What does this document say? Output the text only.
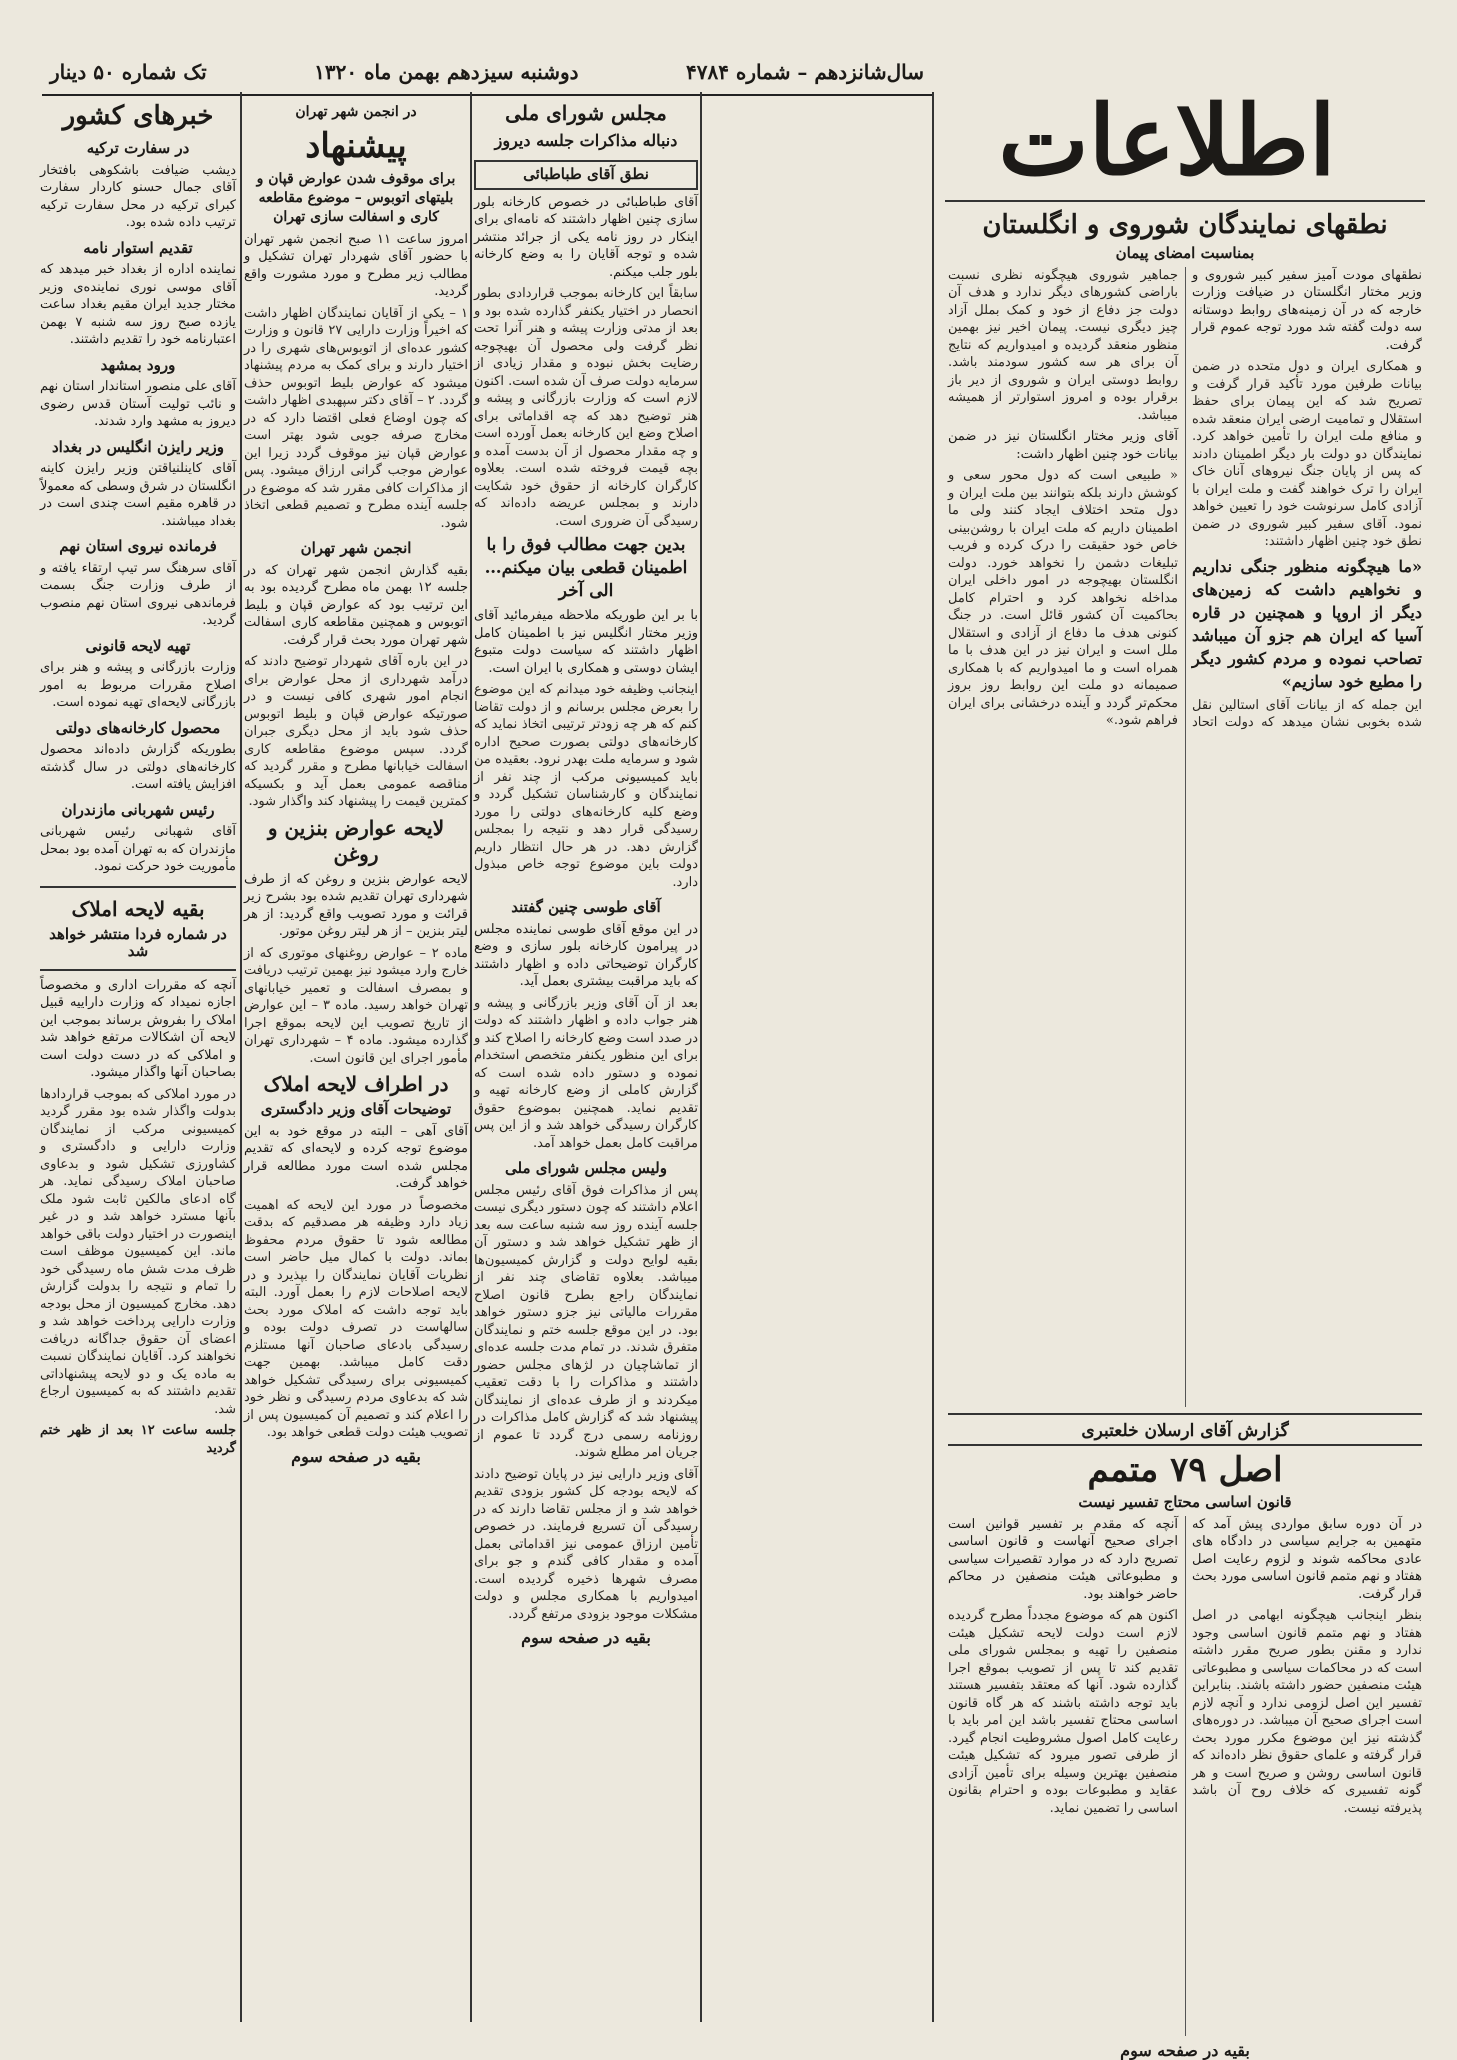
سال‌شانزدهم – شماره ۴۷۸۴
دوشنبه سیزدهم بهمن ماه ۱۳۲۰
تک شماره ۵۰ دینار
اطلاعات
نطقهای نمایندگان شوروی و انگلستان
بمناسبت امضای پیمان

نطقهای مودت آمیز سفیر کبیر شوروی و وزیر مختار انگلستان در ضیافت وزارت خارجه که در آن زمینه‌های روابط دوستانه سه دولت گفته شد مورد توجه عموم قرار گرفت.

و همکاری ایران و دول متحده در ضمن بیانات طرفین مورد تأکید قرار گرفت و تصریح شد که این پیمان برای حفظ استقلال و تمامیت ارضی ایران منعقد شده و منافع ملت ایران را تأمین خواهد کرد. نمایندگان دو دولت بار دیگر اطمینان دادند که پس از پایان جنگ نیروهای آنان خاک ایران را ترک خواهند گفت و ملت ایران با آزادی کامل سرنوشت خود را تعیین خواهد نمود. آقای سفیر کبیر شوروی در ضمن نطق خود چنین اظهار داشتند:

«ما هیچگونه منظور جنگی نداریم و نخواهیم داشت که زمین‌های دیگر از اروپا و همچنین در قاره آسیا که ایران هم جزو آن میباشد تصاحب نموده و مردم کشور دیگر را مطیع خود سازیم»

این جمله که از بیانات آقای استالین نقل شده بخوبی نشان میدهد که دولت اتحاد جماهیر شوروی هیچگونه نظری نسبت باراضی کشورهای دیگر ندارد و هدف آن دولت جز دفاع از خود و کمک بملل آزاد چیز دیگری نیست. پیمان اخیر نیز بهمین منظور منعقد گردیده و امیدواریم که نتایج آن برای هر سه کشور سودمند باشد. روابط دوستی ایران و شوروی از دیر باز برقرار بوده و امروز استوارتر از همیشه میباشد.

آقای وزیر مختار انگلستان نیز در ضمن بیانات خود چنین اظهار داشت:

« طبیعی است که دول محور سعی و کوشش دارند بلکه بتوانند بین ملت ایران و دول متحد اختلاف ایجاد کنند ولی ما اطمینان داریم که ملت ایران با روشن‌بینی خاص خود حقیقت را درک کرده و فریب تبلیغات دشمن را نخواهد خورد. دولت انگلستان بهیچوجه در امور داخلی ایران مداخله نخواهد کرد و احترام کامل بحاکمیت آن کشور قائل است. در جنگ کنونی هدف ما دفاع از آزادی و استقلال ملل است و ایران نیز در این هدف با ما همراه است و ما امیدواریم که با همکاری صمیمانه دو ملت این روابط روز بروز محکم‌تر گردد و آینده درخشانی برای ایران فراهم شود.»

گزارش آقای ارسلان خلعتبری
اصل ۷۹ متمم
قانون اساسی محتاج تفسیر نیست

در آن دوره سابق مواردی پیش آمد که متهمین به جرایم سیاسی در دادگاه های عادی محاکمه شوند و لزوم رعایت اصل هفتاد و نهم متمم قانون اساسی مورد بحث قرار گرفت.

بنظر اینجانب هیچگونه ابهامی در اصل هفتاد و نهم متمم قانون اساسی وجود ندارد و مقنن بطور صریح مقرر داشته است که در محاکمات سیاسی و مطبوعاتی هیئت منصفین حضور داشته باشند. بنابراین تفسیر این اصل لزومی ندارد و آنچه لازم است اجرای صحیح آن میباشد. در دوره‌های گذشته نیز این موضوع مکرر مورد بحث قرار گرفته و علمای حقوق نظر داده‌اند که قانون اساسی روشن و صریح است و هر گونه تفسیری که خلاف روح آن باشد پذیرفته نیست.

آنچه که مقدم بر تفسیر قوانین است اجرای صحیح آنهاست و قانون اساسی تصریح دارد که در موارد تقصیرات سیاسی و مطبوعاتی هیئت منصفین در محاکم حاضر خواهند بود.

اکنون هم که موضوع مجدداً مطرح گردیده لازم است دولت لایحه تشکیل هیئت منصفین را تهیه و بمجلس شورای ملی تقدیم کند تا پس از تصویب بموقع اجرا گذارده شود. آنها که معتقد بتفسیر هستند باید توجه داشته باشند که هر گاه قانون اساسی محتاج تفسیر باشد این امر باید با رعایت کامل اصول مشروطیت انجام گیرد. از طرفی تصور میرود که تشکیل هیئت منصفین بهترین وسیله برای تأمین آزادی عقاید و مطبوعات بوده و احترام بقانون اساسی را تضمین نماید.

بقیه در صفحه سوم
مجلس شورای ملی
دنباله مذاکرات جلسه دیروز
نطق آقای طباطبائی

آقای طباطبائی در خصوص کارخانه بلور سازی چنین اظهار داشتند که نامه‌ای برای اینکار در روز نامه یکی از جرائد منتشر شده و توجه آقایان را به وضع کارخانه بلور جلب میکنم.

سابقاً این کارخانه بموجب قراردادی بطور انحصار در اختیار یکنفر گذارده شده بود و بعد از مدتی وزارت پیشه و هنر آنرا تحت نظر گرفت ولی محصول آن بهیچوجه رضایت بخش نبوده و مقدار زیادی از سرمایه دولت صرف آن شده است. اکنون لازم است که وزارت بازرگانی و پیشه و هنر توضیح دهد که چه اقداماتی برای اصلاح وضع این کارخانه بعمل آورده است و چه مقدار محصول از آن بدست آمده و بچه قیمت فروخته شده است. بعلاوه کارگران کارخانه از حقوق خود شکایت دارند و بمجلس عریضه داده‌اند که رسیدگی آن ضروری است.

بدین جهت مطالب فوق را با اطمینان قطعی بیان میکنم… الی آخر

با بر این طوریکه ملاحظه میفرمائید آقای وزیر مختار انگلیس نیز با اطمینان کامل اظهار داشتند که سیاست دولت متبوع ایشان دوستی و همکاری با ایران است.

اینجانب وظیفه خود میدانم که این موضوع را بعرض مجلس برسانم و از دولت تقاضا کنم که هر چه زودتر ترتیبی اتخاذ نماید که کارخانه‌های دولتی بصورت صحیح اداره شود و سرمایه ملت بهدر نرود. بعقیده من باید کمیسیونی مرکب از چند نفر از نمایندگان و کارشناسان تشکیل گردد و وضع کلیه کارخانه‌های دولتی را مورد رسیدگی قرار دهد و نتیجه را بمجلس گزارش دهد. در هر حال انتظار داریم دولت باین موضوع توجه خاص مبذول دارد.

آقای طوسی چنین گفتند

در این موقع آقای طوسی نماینده مجلس در پیرامون کارخانه بلور سازی و وضع کارگران توضیحاتی داده و اظهار داشتند که باید مراقبت بیشتری بعمل آید.

بعد از آن آقای وزیر بازرگانی و پیشه و هنر جواب داده و اظهار داشتند که دولت در صدد است وضع کارخانه را اصلاح کند و برای این منظور یکنفر متخصص استخدام نموده و دستور داده شده است که گزارش کاملی از وضع کارخانه تهیه و تقدیم نماید. همچنین بموضوع حقوق کارگران رسیدگی خواهد شد و از این پس مراقبت کامل بعمل خواهد آمد.

ولیس مجلس شورای ملی

پس از مذاکرات فوق آقای رئیس مجلس اعلام داشتند که چون دستور دیگری نیست جلسه آینده روز سه شنبه ساعت سه بعد از ظهر تشکیل خواهد شد و دستور آن بقیه لوایح دولت و گزارش کمیسیون‌ها میباشد. بعلاوه تقاضای چند نفر از نمایندگان راجع بطرح قانون اصلاح مقررات مالیاتی نیز جزو دستور خواهد بود. در این موقع جلسه ختم و نمایندگان متفرق شدند. در تمام مدت جلسه عده‌ای از تماشاچیان در لژهای مجلس حضور داشتند و مذاکرات را با دقت تعقیب میکردند و از طرف عده‌ای از نمایندگان پیشنهاد شد که گزارش کامل مذاکرات در روزنامه رسمی درج گردد تا عموم از جریان امر مطلع شوند.

آقای وزیر دارایی نیز در پایان توضیح دادند که لایحه بودجه کل کشور بزودی تقدیم خواهد شد و از مجلس تقاضا دارند که در رسیدگی آن تسریع فرمایند. در خصوص تأمین ارزاق عمومی نیز اقداماتی بعمل آمده و مقدار کافی گندم و جو برای مصرف شهرها ذخیره گردیده است. امیدواریم با همکاری مجلس و دولت مشکلات موجود بزودی مرتفع گردد.

بقیه در صفحه سوم
در انجمن شهر تهران
پیشنهاد
برای موقوف شدن عوارض قپان و بلیتهای اتوبوس – موضوع مقاطعه کاری و اسفالت سازی تهران

امروز ساعت ۱۱ صبح انجمن شهر تهران با حضور آقای شهردار تهران تشکیل و مطالب زیر مطرح و مورد مشورت واقع گردید.

۱ – یکی از آقایان نمایندگان اظهار داشت که اخیراً وزارت دارایی ۲۷ قانون و وزارت کشور عده‌ای از اتوبوس‌های شهری را در اختیار دارند و برای کمک به مردم پیشنهاد میشود که عوارض بلیط اتوبوس حذف گردد. ۲ – آقای دکتر سپهبدی اظهار داشت که چون اوضاع فعلی اقتضا دارد که در مخارج صرفه جویی شود بهتر است عوارض قپان نیز موقوف گردد زیرا این عوارض موجب گرانی ارزاق میشود. پس از مذاکرات کافی مقرر شد که موضوع در جلسه آینده مطرح و تصمیم قطعی اتخاذ شود.

انجمن شهر تهران

بقیه گذارش انجمن شهر تهران که در جلسه ۱۲ بهمن ماه مطرح گردیده بود به این ترتیب بود که عوارض قپان و بلیط اتوبوس و همچنین مقاطعه کاری اسفالت شهر تهران مورد بحث قرار گرفت.

در این باره آقای شهردار توضیح دادند که درآمد شهرداری از محل عوارض برای انجام امور شهری کافی نیست و در صورتیکه عوارض قپان و بلیط اتوبوس حذف شود باید از محل دیگری جبران گردد. سپس موضوع مقاطعه کاری اسفالت خیابانها مطرح و مقرر گردید که مناقصه عمومی بعمل آید و بکسیکه کمترین قیمت را پیشنهاد کند واگذار شود.

لایحه عوارض بنزین و روغن

لایحه عوارض بنزین و روغن که از طرف شهرداری تهران تقدیم شده بود بشرح زیر قرائت و مورد تصویب واقع گردید: از هر لیتر بنزین – از هر لیتر روغن موتور.

ماده ۲ – عوارض روغنهای موتوری که از خارج وارد میشود نیز بهمین ترتیب دریافت و بمصرف اسفالت و تعمیر خیابانهای تهران خواهد رسید. ماده ۳ – این عوارض از تاریخ تصویب این لایحه بموقع اجرا گذارده میشود. ماده ۴ – شهرداری تهران مأمور اجرای این قانون است.

در اطراف لایحه املاک
توضیحات آقای وزیر دادگستری

آقای آهی – البته در موقع خود به این موضوع توجه کرده و لایحه‌ای که تقدیم مجلس شده است مورد مطالعه قرار خواهد گرفت.

مخصوصاً در مورد این لایحه که اهمیت زیاد دارد وظیفه هر مصدقیم که بدقت مطالعه شود تا حقوق مردم محفوظ بماند. دولت با کمال میل حاضر است نظریات آقایان نمایندگان را بپذیرد و در لایحه اصلاحات لازم را بعمل آورد. البته باید توجه داشت که املاک مورد بحث سالهاست در تصرف دولت بوده و رسیدگی بادعای صاحبان آنها مستلزم دقت کامل میباشد. بهمین جهت کمیسیونی برای رسیدگی تشکیل خواهد شد که بدعاوی مردم رسیدگی و نظر خود را اعلام کند و تصمیم آن کمیسیون پس از تصویب هیئت دولت قطعی خواهد بود.

بقیه در صفحه سوم
خبرهای کشور
در سفارت ترکیه

دیشب ضیافت باشکوهی بافتخار آقای جمال حسنو کاردار سفارت کبرای ترکیه در محل سفارت ترکیه ترتیب داده شده بود.

تقدیم استوار نامه

نماینده اداره از بغداد خبر میدهد که آقای موسی نوری نماینده‌ی وزیر مختار جدید ایران مقیم بغداد ساعت یازده صبح روز سه شنبه ۷ بهمن اعتبارنامه خود را تقدیم داشتند.

ورود بمشهد

آقای علی منصور استاندار استان نهم و نائب تولیت آستان قدس رضوی دیروز به مشهد وارد شدند.

وزیر رایزن انگلیس در بغداد

آقای کاینلنیاقتن وزیر رایزن کاینه انگلستان در شرق وسطی که معمولاً در قاهره مقیم است چندی است در بغداد میباشند.

فرمانده نیروی استان نهم

آقای سرهنگ سر تیپ ارتقاء یافته و از طرف وزارت جنگ بسمت فرماندهی نیروی استان نهم منصوب گردید.

تهیه لایحه قانونی

وزارت بازرگانی و پیشه و هنر برای اصلاح مقررات مربوط به امور بازرگانی لایحه‌ای تهیه نموده است.

محصول کارخانه‌های دولتی

بطوریکه گزارش داده‌اند محصول کارخانه‌های دولتی در سال گذشته افزایش یافته است.

رئیس شهربانی مازندران

آقای شهبانی رئیس شهربانی مازندران که به تهران آمده بود بمحل مأموریت خود حرکت نمود.

بقیه لایحه املاک
در شماره فردا منتشر خواهد شد

آنچه که مقررات اداری و مخصوصاً اجازه نمیداد که وزارت داراییه قبیل املاک را بفروش برساند بموجب این لایحه آن اشکالات مرتفع خواهد شد و املاکی که در دست دولت است بصاحبان آنها واگذار میشود.

در مورد املاکی که بموجب قراردادها بدولت واگذار شده بود مقرر گردید کمیسیونی مرکب از نمایندگان وزارت دارایی و دادگستری و کشاورزی تشکیل شود و بدعاوی صاحبان املاک رسیدگی نماید. هر گاه ادعای مالکین ثابت شود ملک بآنها مسترد خواهد شد و در غیر اینصورت در اختیار دولت باقی خواهد ماند. این کمیسیون موظف است ظرف مدت شش ماه رسیدگی خود را تمام و نتیجه را بدولت گزارش دهد. مخارج کمیسیون از محل بودجه وزارت دارایی پرداخت خواهد شد و اعضای آن حقوق جداگانه دریافت نخواهند کرد. آقایان نمایندگان نسبت به ماده یک و دو لایحه پیشنهاداتی تقدیم داشتند که به کمیسیون ارجاع شد.

جلسه ساعت ۱۲ بعد از ظهر ختم گردید
